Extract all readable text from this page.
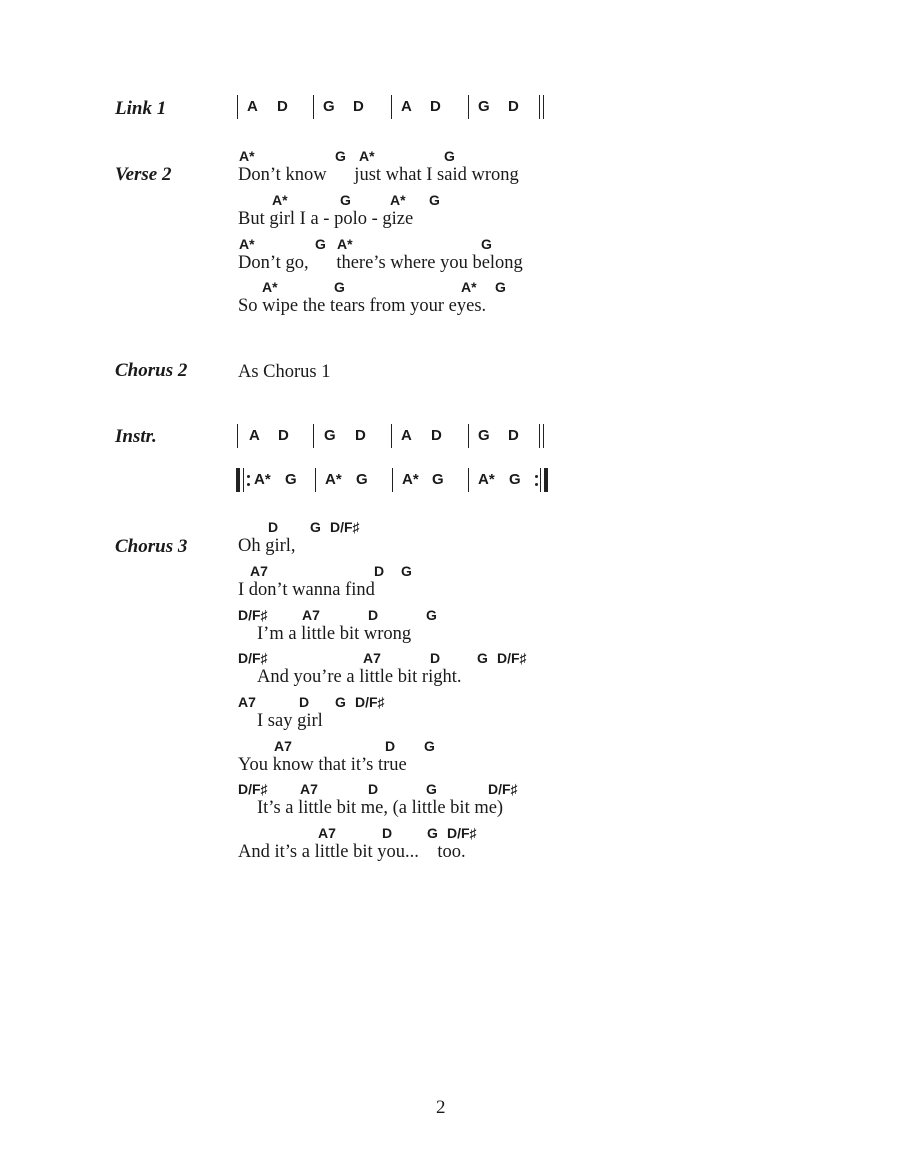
Link 1
Verse 2
Chorus 2
Instr.
Chorus 3
A D G D A D G D
A*	G A*	G
Don’t know      just what I said wrong
A*	G	A* G
But girl I a - polo - gize
A*	G A*	G
Don’t go,      there’s where you belong
A*	G	A* G
So wipe the tears from your eyes.
As Chorus 1
A D G D A D G D
A* G A* G A* G A* G
D G D/F♯
Oh girl,
A7	D G
I don’t wanna find
D/F♯ A7	D	G
I’m a little bit wrong
D/F♯	A7	D	G D/F♯
And you’re a little bit right.
A7	D G D/F♯
I say girl
A7	D G
You know that it’s true
D/F♯ A7	D	G	D/F♯
It’s a little bit me, (a little bit me)
A7	D G D/F♯
And it’s a little bit you...    too.
2
